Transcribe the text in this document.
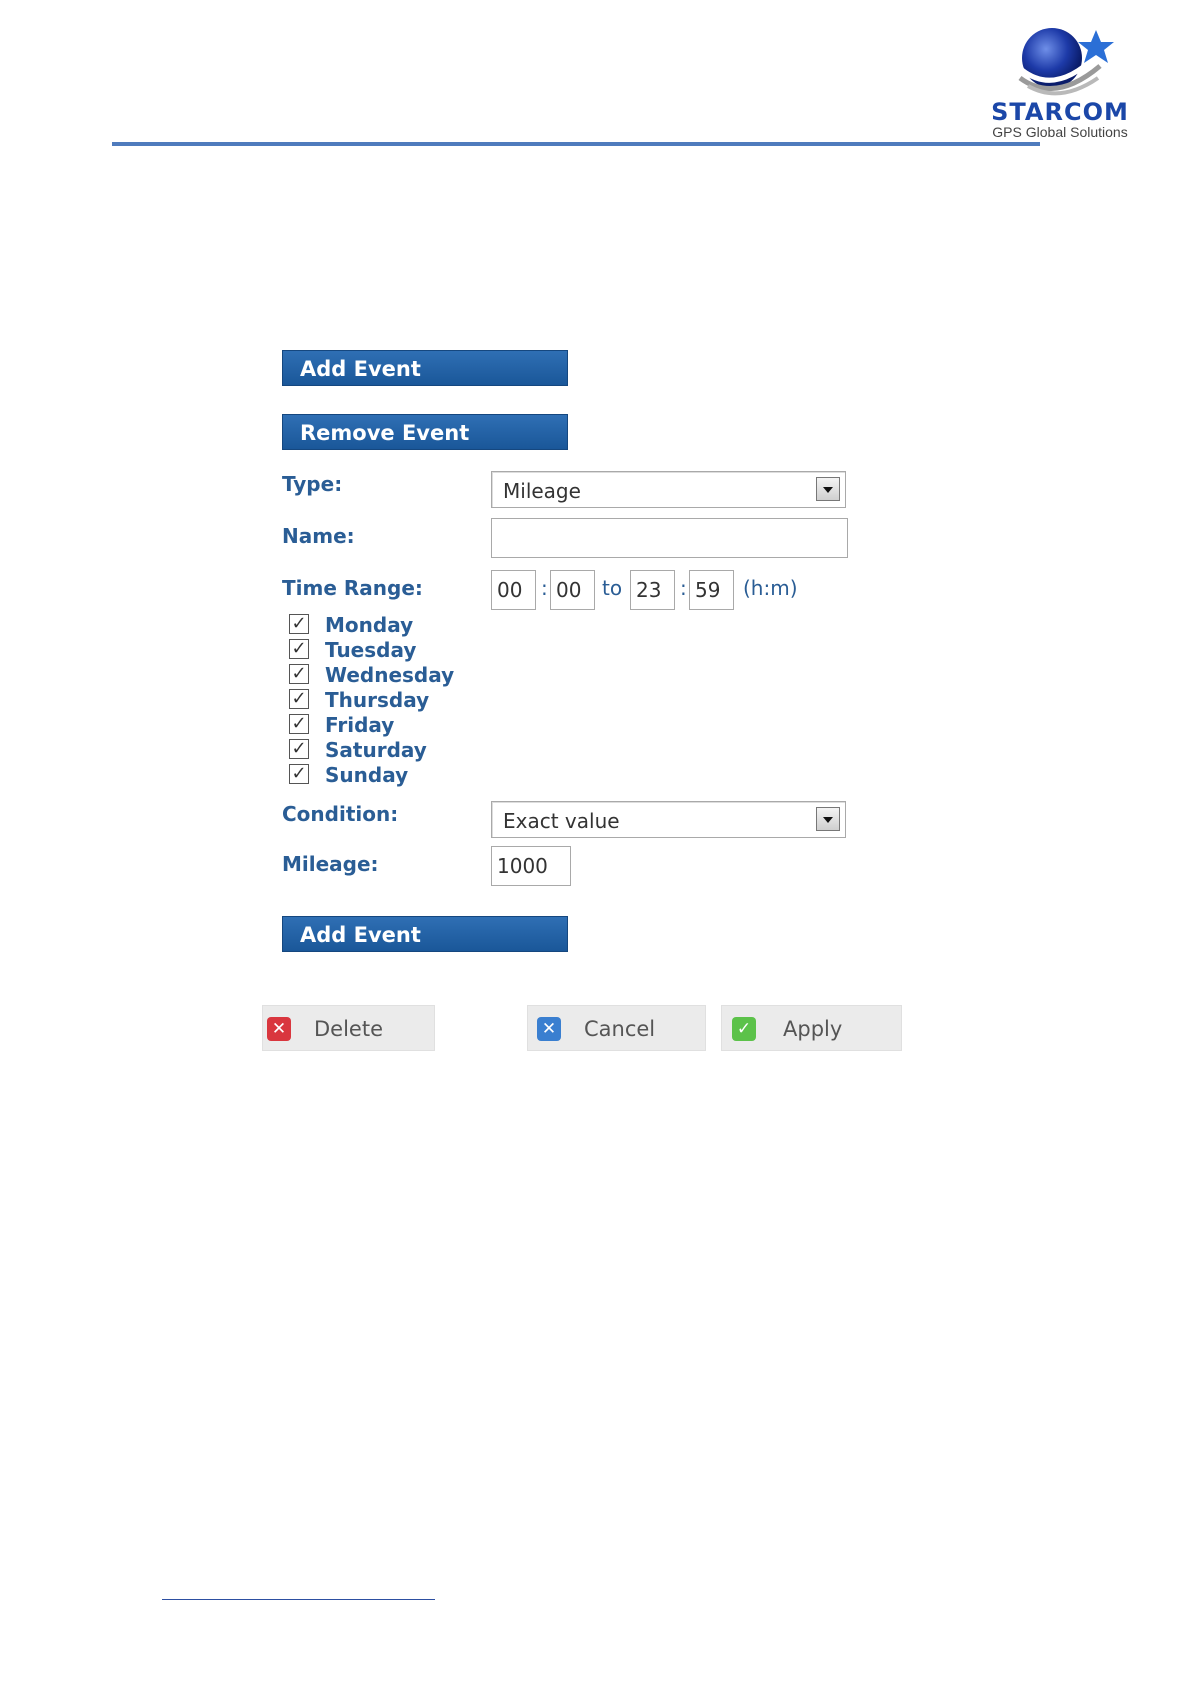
STARCOM
GPS Global Solutions
Add Event
Remove Event
Type:	Mileage
Name:
Time Range:	00 : 00	to 23 : 59	(h:m)
✓ Monday
✓ Tuesday
✓ Wednesday
✓ Thursday
✓ Friday
✓ Saturday
✓ Sunday
Condition:	Exact value
Mileage:	1000
Add Event
✕ Delete	✕ Cancel	✓ Apply
